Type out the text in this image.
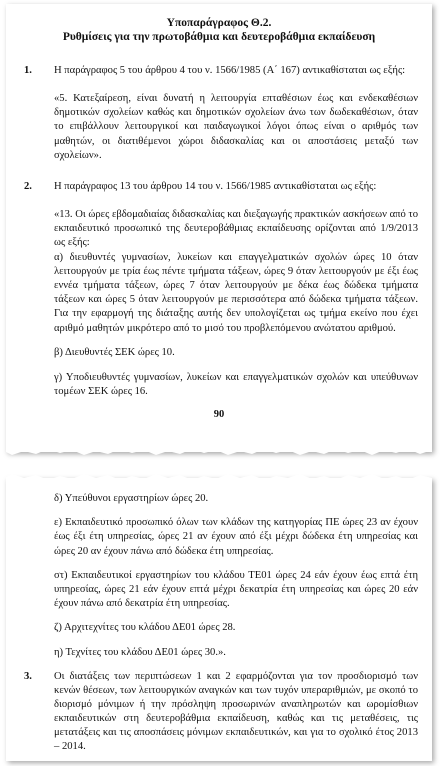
Υποπαράγραφος Θ.2.
Ρυθμίσεις για την πρωτοβάθμια και δευτεροβάθμια εκπαίδευση
1.	Η παράγραφος 5 του άρθρου 4 του ν. 1566/1985 (Α΄ 167) αντικαθίσταται ως εξής:

«5. Κατεξαίρεση, είναι δυνατή η λειτουργία επταθέσιων έως και ενδεκαθέσιων δημοτικών σχολείων καθώς και δημοτικών σχολείων άνω των δωδεκαθέσιων, όταν το επιβάλλουν λειτουργικοί και παιδαγωγικοί λόγοι όπως είναι ο αριθμός των μαθητών, οι διατιθέμενοι χώροι διδασκαλίας και οι αποστάσεις μεταξύ των σχολείων».

2.	Η παράγραφος 13 του άρθρου 14 του ν. 1566/1985 αντικαθίσταται ως εξής:

«13. Οι ώρες εβδομαδιαίας διδασκαλίας και διεξαγωγής πρακτικών ασκήσεων από το εκπαιδευτικό προσωπικό της δευτεροβάθμιας εκπαίδευσης ορίζονται από 1/9/2013 ως εξής:
α) διευθυντές γυμνασίων, λυκείων και επαγγελματικών σχολών ώρες 10 όταν λειτουργούν με τρία έως πέντε τμήματα τάξεων, ώρες 9 όταν λειτουργούν με έξι έως εννέα τμήματα τάξεων, ώρες 7 όταν λειτουργούν με δέκα έως δώδεκα τμήματα τάξεων και ώρες 5 όταν λειτουργούν με περισσότερα από δώδεκα τμήματα τάξεων. Για την εφαρμογή της διάταξης αυτής δεν υπολογίζεται ως τμήμα εκείνο που έχει αριθμό μαθητών μικρότερο από το μισό του προβλεπόμενου ανώτατου αριθμού.

β) Διευθυντές ΣΕΚ ώρες 10.

γ) Υποδιευθυντές γυμνασίων, λυκείων και επαγγελματικών σχολών και υπεύθυνων τομέων ΣΕΚ ώρες 16.

90

δ) Υπεύθυνοι εργαστηρίων ώρες 20.

ε) Εκπαιδευτικό προσωπικό όλων των κλάδων της κατηγορίας ΠΕ ώρες 23 αν έχουν έως έξι έτη υπηρεσίας, ώρες 21 αν έχουν από έξι μέχρι δώδεκα έτη υπηρεσίας και ώρες 20 αν έχουν πάνω από δώδεκα έτη υπηρεσίας.

στ) Εκπαιδευτικοί εργαστηρίων του κλάδου ΤΕ01 ώρες 24 εάν έχουν έως επτά έτη υπηρεσίας, ώρες 21 εάν έχουν επτά μέχρι δεκατρία έτη υπηρεσίας και ώρες 20 εάν έχουν πάνω από δεκατρία έτη υπηρεσίας.

ζ) Αρχιτεχνίτες του κλάδου ΔΕ01 ώρες 28.

η) Τεχνίτες του κλάδου ΔΕ01 ώρες 30.».

3.	Οι διατάξεις των περιπτώσεων 1 και 2 εφαρμόζονται για τον προσδιορισμό των κενών θέσεων, των λειτουργικών αναγκών και των τυχόν υπεραριθμιών, με σκοπό το διορισμό μόνιμων ή την πρόσληψη προσωρινών αναπληρωτών και ωρομίσθιων εκπαιδευτικών στη δευτεροβάθμια εκπαίδευση, καθώς και τις μεταθέσεις, τις μετατάξεις και τις αποσπάσεις μόνιμων εκπαιδευτικών, και για το σχολικό έτος 2013 – 2014.
